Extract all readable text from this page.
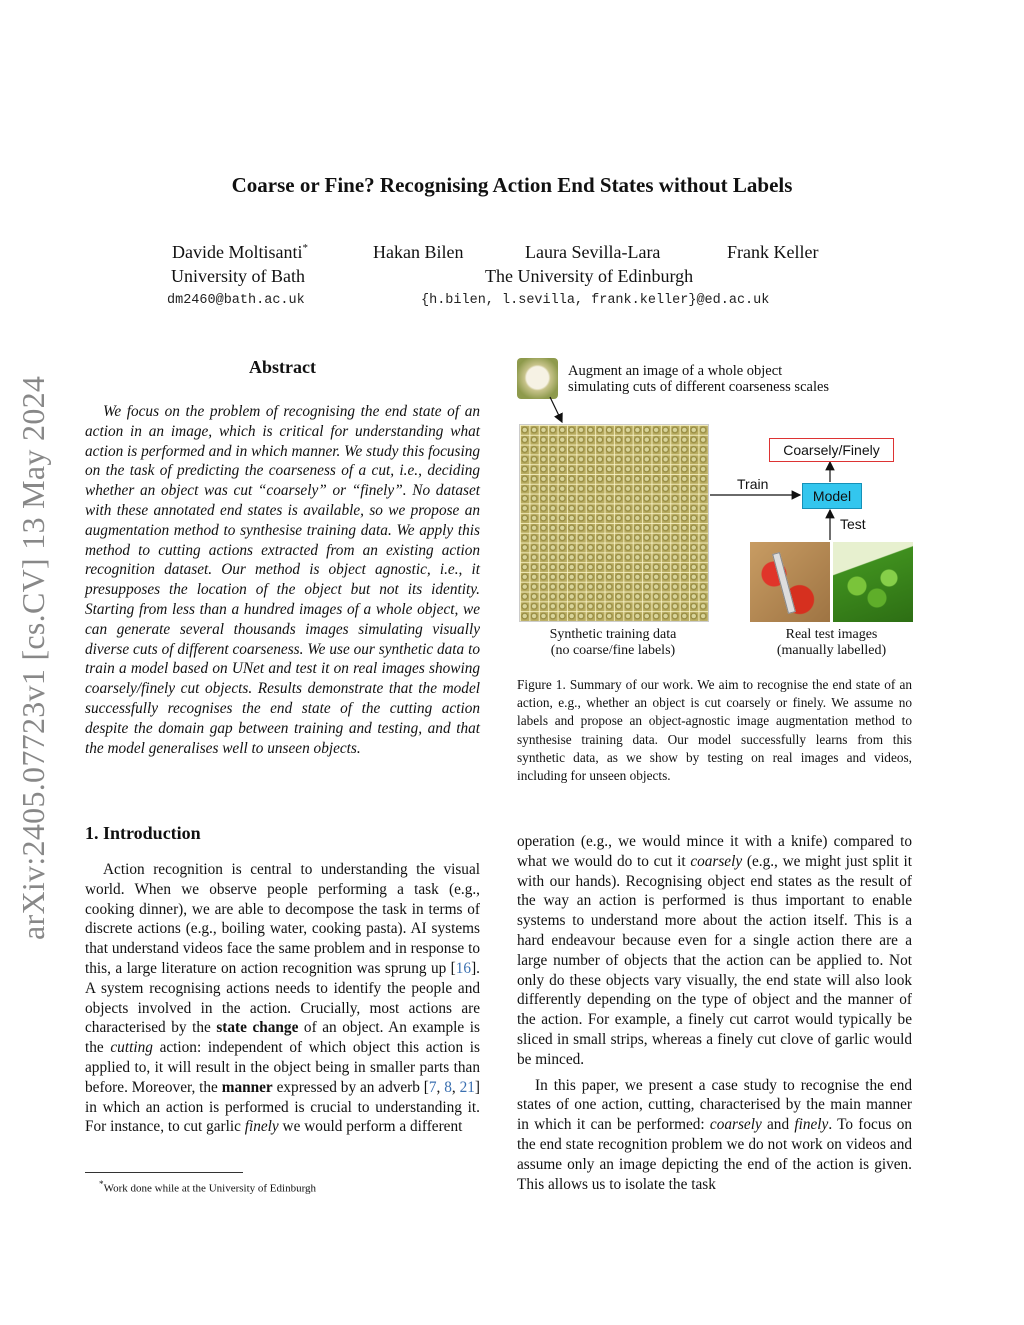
arXiv:2405.07723v1 [cs.CV] 13 May 2024
Coarse or Fine? Recognising Action End States without Labels
Davide Moltisanti*	Hakan Bilen	Laura Sevilla-Lara	Frank Keller
University of Bath	The University of Edinburgh
dm2460@bath.ac.uk	{h.bilen, l.sevilla, frank.keller}@ed.ac.uk
Abstract
We focus on the problem of recognising the end state of an action in an image, which is critical for understanding what action is performed and in which manner. We study this focusing on the task of predicting the coarseness of a cut, i.e., deciding whether an object was cut “coarsely” or “finely”. No dataset with these annotated end states is available, so we propose an augmentation method to synthesise training data. We apply this method to cutting actions extracted from an existing action recognition dataset. Our method is object agnostic, i.e., it presupposes the location of the object but not its identity. Starting from less than a hundred images of a whole object, we can generate several thousands images simulating visually diverse cuts of different coarseness. We use our synthetic data to train a model based on UNet and test it on real images showing coarsely/finely cut objects. Results demonstrate that the model successfully recognises the end state of the cutting action despite the domain gap between training and testing, and that the model generalises well to unseen objects.
Augment an image of a whole object
simulating cuts of different coarseness scales
Coarsely/Finely
Train
Model
Test
Synthetic training data
(no coarse/fine labels)
Real test images
(manually labelled)
Figure 1. Summary of our work. We aim to recognise the end state of an action, e.g., whether an object is cut coarsely or finely. We assume no labels and propose an object-agnostic image augmentation method to synthesise training data. Our model successfully learns from this synthetic data, as we show by testing on real images and videos, including for unseen objects.
1. Introduction

Action recognition is central to understanding the visual world. When we observe people performing a task (e.g., cooking dinner), we are able to decompose the task in terms of discrete actions (e.g., boiling water, cooking pasta). AI systems that understand videos face the same problem and in response to this, a large literature on action recognition was sprung up [16]. A system recognising actions needs to identify the people and objects involved in the action. Crucially, most actions are characterised by the state change of an object. An example is the cutting action: independent of which object this action is applied to, it will result in the object being in smaller parts than before. Moreover, the manner expressed by an adverb [7, 8, 21] in which an action is performed is crucial to understanding it. For instance, to cut garlic finely we would perform a different

operation (e.g., we would mince it with a knife) compared to what we would do to cut it coarsely (e.g., we might just split it with our hands). Recognising object end states as the result of the way an action is performed is thus important to enable systems to understand more about the action itself. This is a hard endeavour because even for a single action there are a large number of objects that the action can be applied to. Not only do these objects vary visually, the end state will also look differently depending on the type of object and the manner of the action. For example, a finely cut carrot would typically be sliced in small strips, whereas a finely cut clove of garlic would be minced.

In this paper, we present a case study to recognise the end states of one action, cutting, characterised by the main manner in which it can be performed: coarsely and finely. To focus on the end state recognition problem we do not work on videos and assume only an image depicting the end of the action is given. This allows us to isolate the task

*Work done while at the University of Edinburgh
